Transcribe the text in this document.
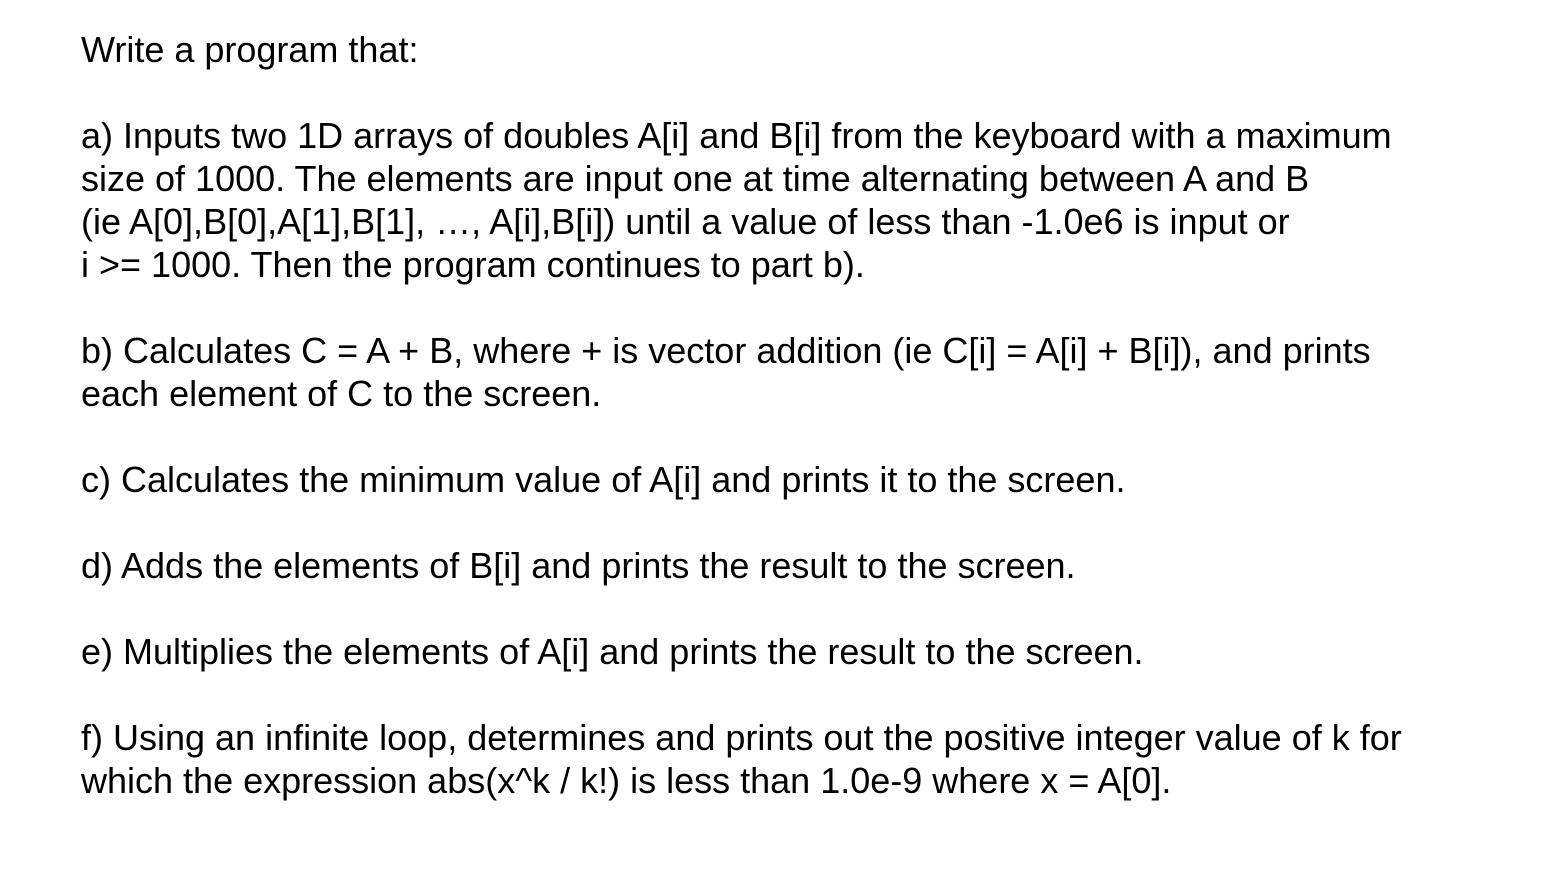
Write a program that:
a) Inputs two 1D arrays of doubles A[i] and B[i] from the keyboard with a maximum
size of 1000. The elements are input one at time alternating between A and B
(ie A[0],B[0],A[1],B[1], …, A[i],B[i]) until a value of less than -1.0e6 is input or
i >= 1000. Then the program continues to part b).
b) Calculates C = A + B, where + is vector addition (ie C[i] = A[i] + B[i]), and prints
each element of C to the screen.
c) Calculates the minimum value of A[i] and prints it to the screen.
d) Adds the elements of B[i] and prints the result to the screen.
e) Multiplies the elements of A[i] and prints the result to the screen.
f) Using an infinite loop, determines and prints out the positive integer value of k for
which the expression abs(x^k / k!) is less than 1.0e-9 where x = A[0].
